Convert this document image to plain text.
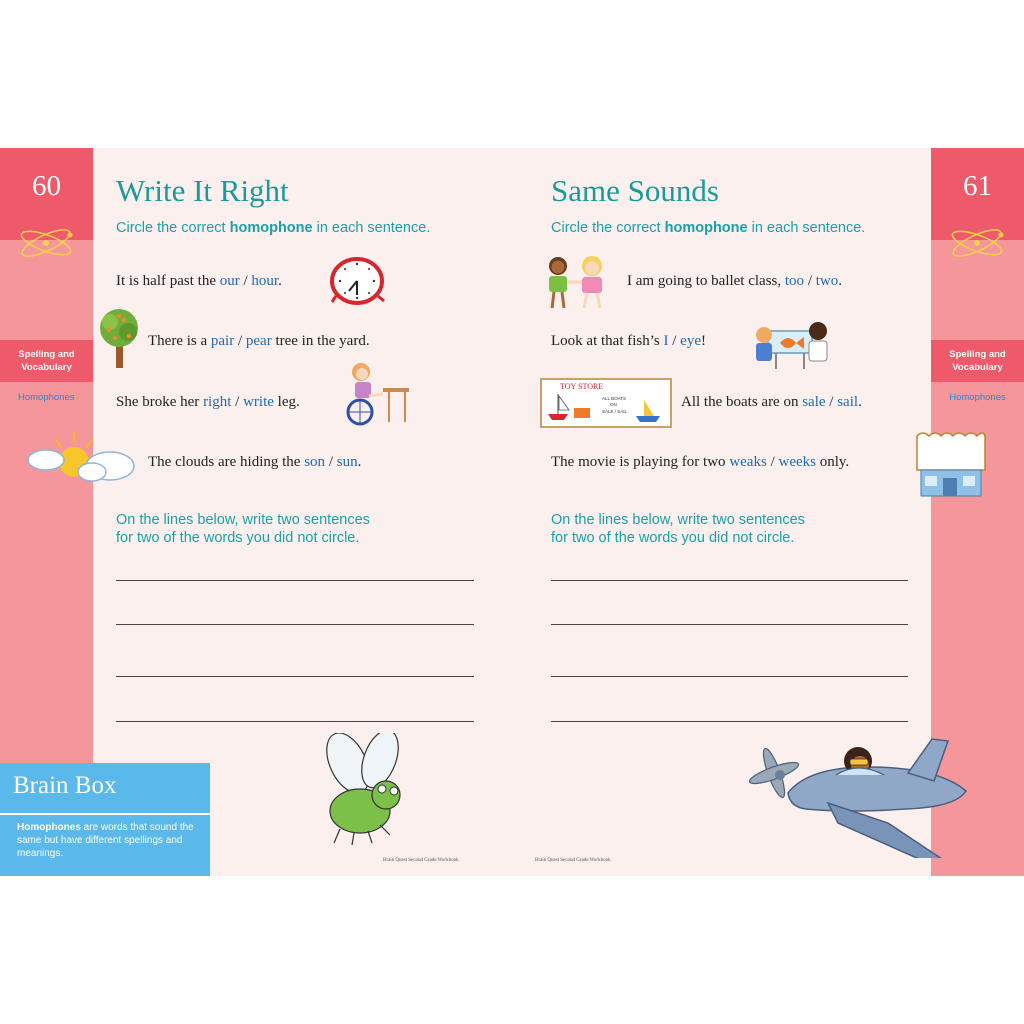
60
Spelling and
Vocabulary
Homophones
61
Spelling and
Vocabulary
Homophones
Write It Right
Circle the correct homophone in each sentence.
It is half past the our / hour.
There is a pair / pear tree in the yard.
She broke her right / write leg.
The clouds are hiding the son / sun.
On the lines below, write two sentences
for two of the words you did not circle.
Brain Quest Second Grade Workbook
Same Sounds
Circle the correct homophone in each sentence.
I am going to ballet class, too / two.
Look at that fish’s I / eye!
All the boats are on sale / sail.
The movie is playing for two weaks / weeks only.
On the lines below, write two sentences
for two of the words you did not circle.
Brain Quest Second Grade Workbook
TOY STORE
ALL BOATS
ON
SALE / SAIL
Brain Box
Homophones are words that sound the same but have different spellings and meanings.
